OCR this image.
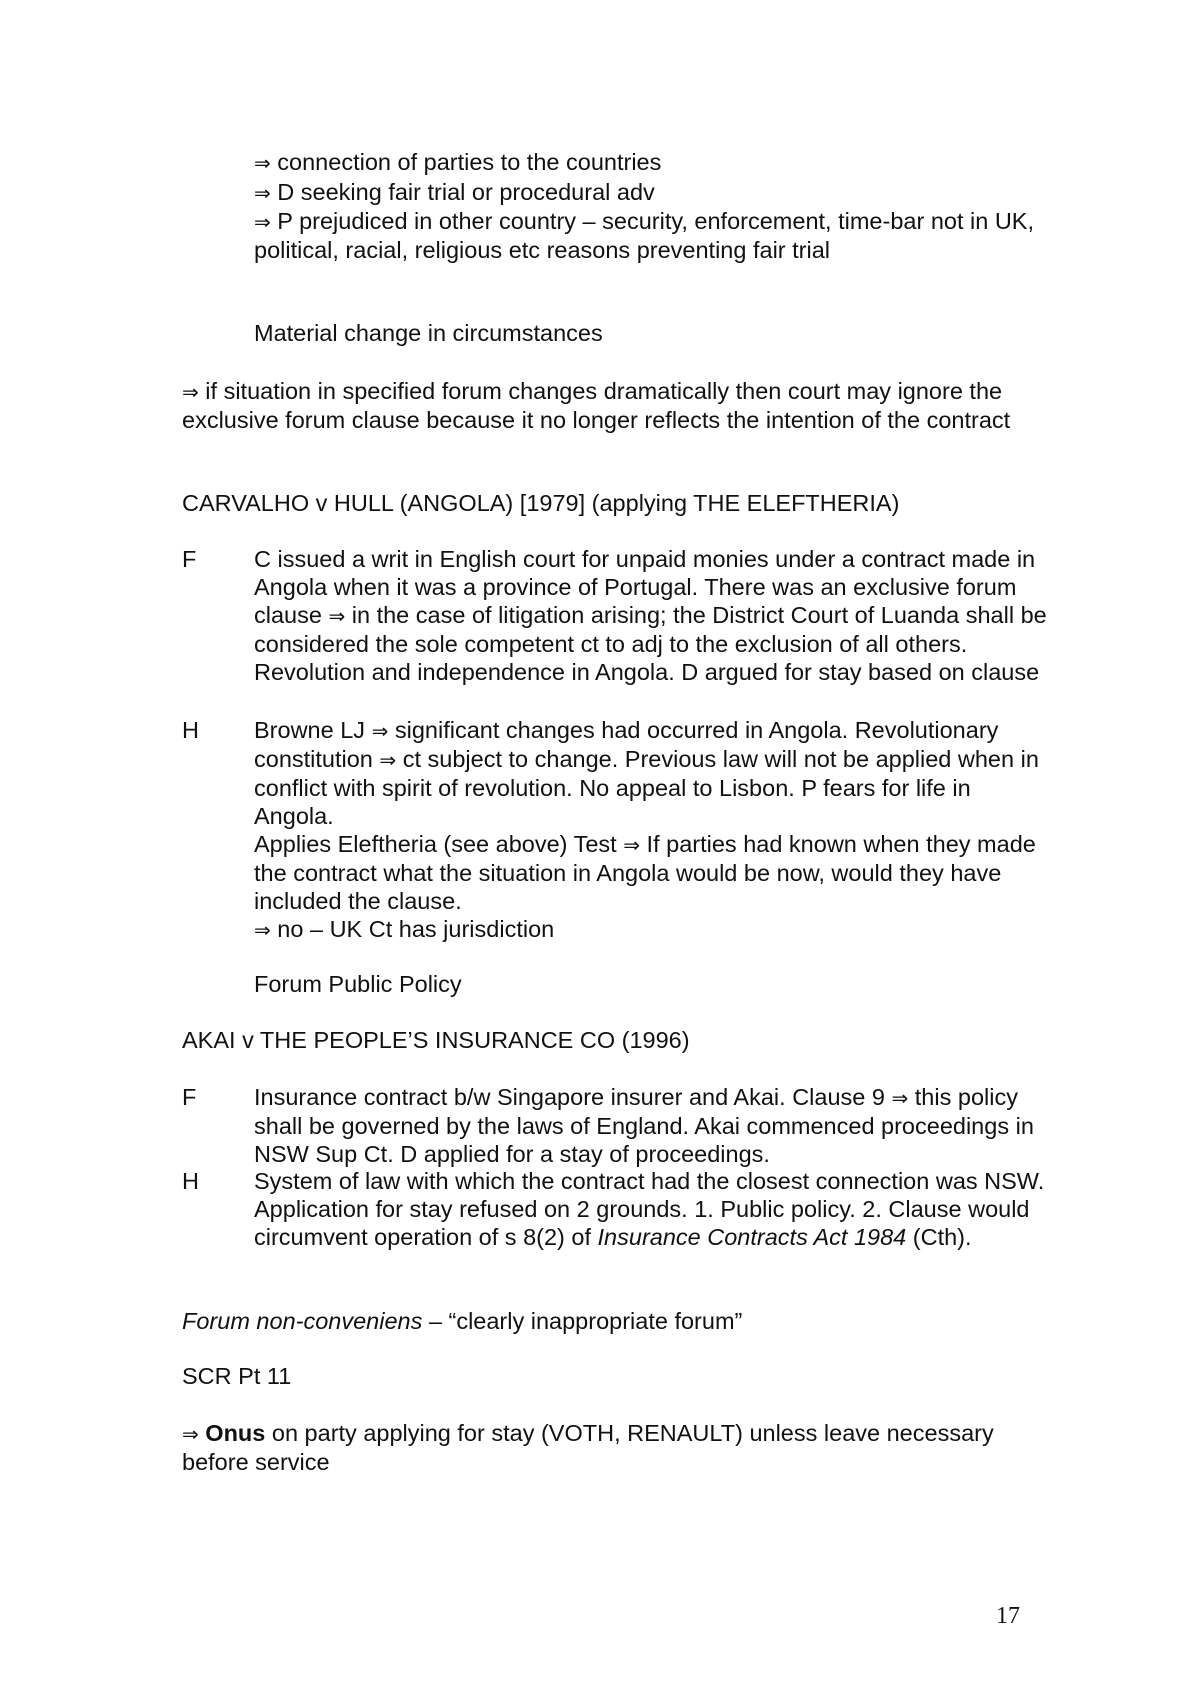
⇒ connection of parties to the countries
⇒ D seeking fair trial or procedural adv
⇒ P prejudiced in other country – security, enforcement, time-bar not in UK, political, racial, religious etc reasons preventing fair trial
Material change in circumstances
⇒ if situation in specified forum changes dramatically then court may ignore the exclusive forum clause because it no longer reflects the intention of the contract
CARVALHO v HULL (ANGOLA) [1979] (applying THE ELEFTHERIA)
F	C issued a writ in English court for unpaid monies under a contract made in Angola when it was a province of Portugal. There was an exclusive forum clause ⇒ in the case of litigation arising; the District Court of Luanda shall be considered the sole competent ct to adj to the exclusion of all others. Revolution and independence in Angola. D argued for stay based on clause
H	Browne LJ ⇒ significant changes had occurred in Angola. Revolutionary constitution ⇒ ct subject to change. Previous law will not be applied when in conflict with spirit of revolution. No appeal to Lisbon. P fears for life in Angola.
Applies Eleftheria (see above) Test ⇒ If parties had known when they made the contract what the situation in Angola would be now, would they have included the clause.
⇒ no – UK Ct has jurisdiction
Forum Public Policy
AKAI v THE PEOPLE’S INSURANCE CO (1996)
F	Insurance contract b/w Singapore insurer and Akai. Clause 9 ⇒ this policy shall be governed by the laws of England. Akai commenced proceedings in NSW Sup Ct. D applied for a stay of proceedings.
H	System of law with which the contract had the closest connection was NSW. Application for stay refused on 2 grounds. 1. Public policy. 2. Clause would circumvent operation of s 8(2) of Insurance Contracts Act 1984 (Cth).
Forum non-conveniens – “clearly inappropriate forum”
SCR Pt 11
⇒ Onus on party applying for stay (VOTH, RENAULT) unless leave necessary before service
17
